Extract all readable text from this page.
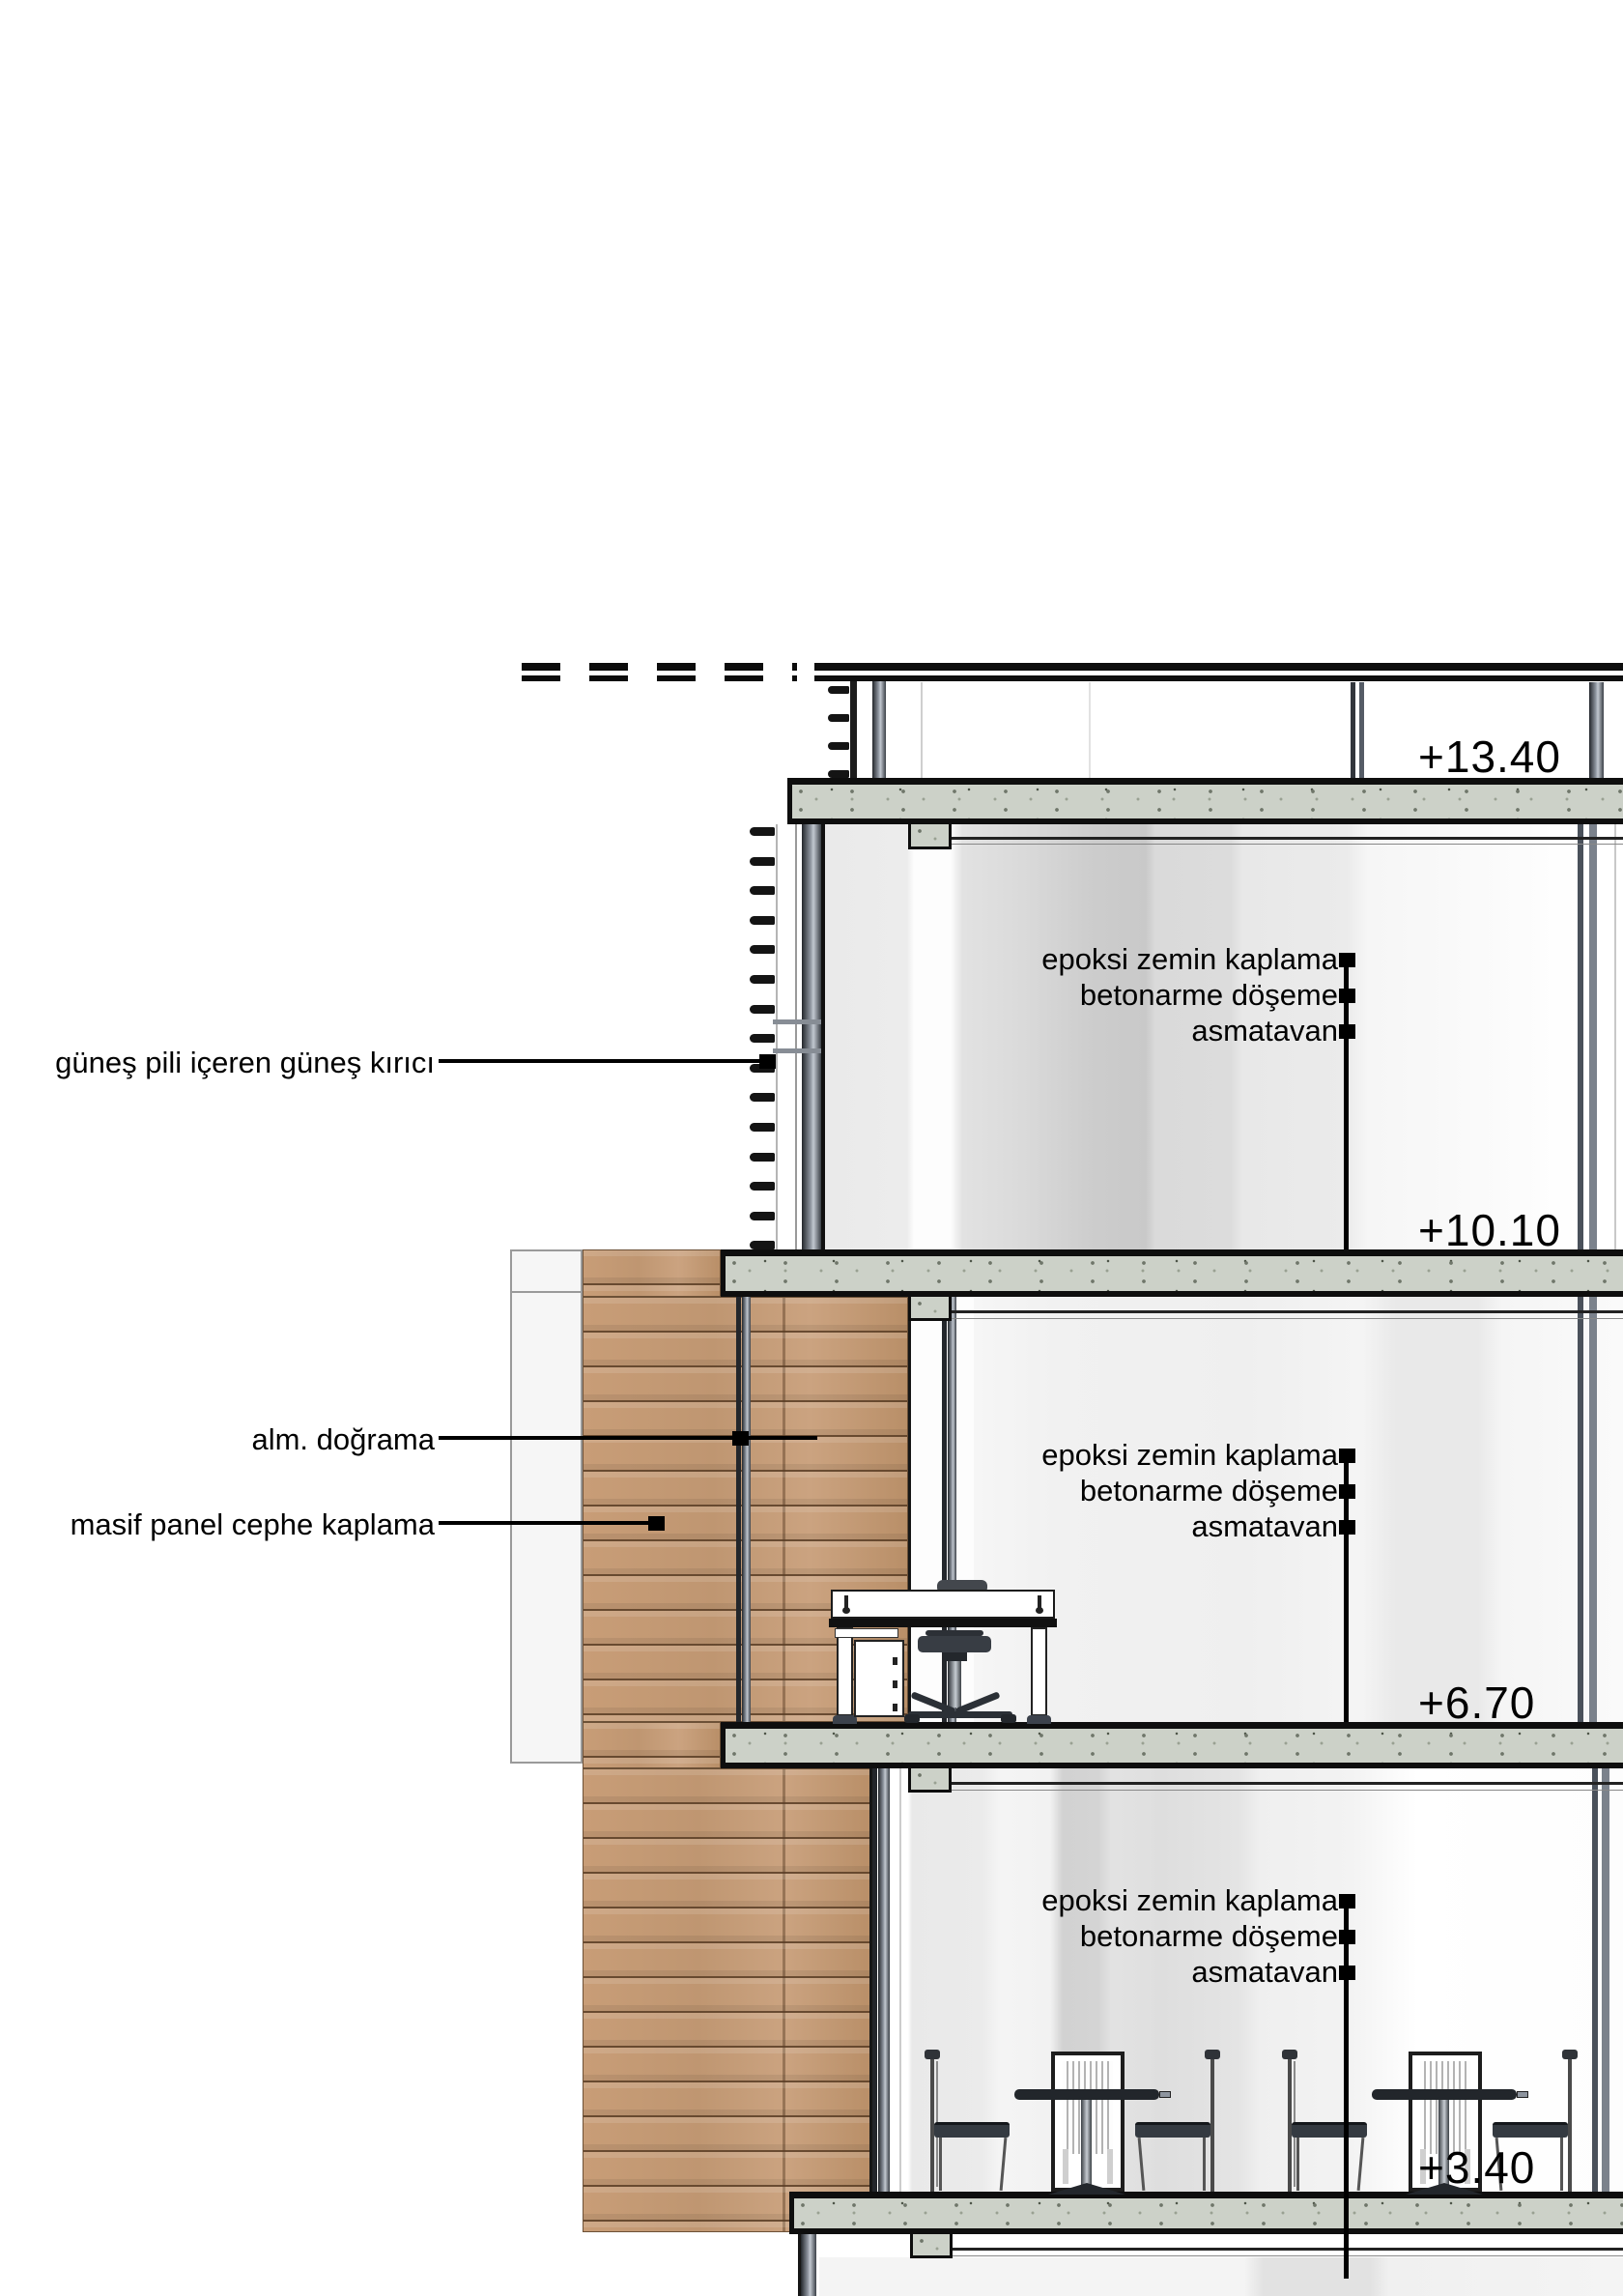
güneş pili içeren güneş kırıcı
alm. doğrama
masif panel cephe kaplama
epoksi zemin kaplama
betonarme döşeme
asmatavan
epoksi zemin kaplama
betonarme döşeme
asmatavan
epoksi zemin kaplama
betonarme döşeme
asmatavan
+13.40
+10.10
+6.70
+3.40
